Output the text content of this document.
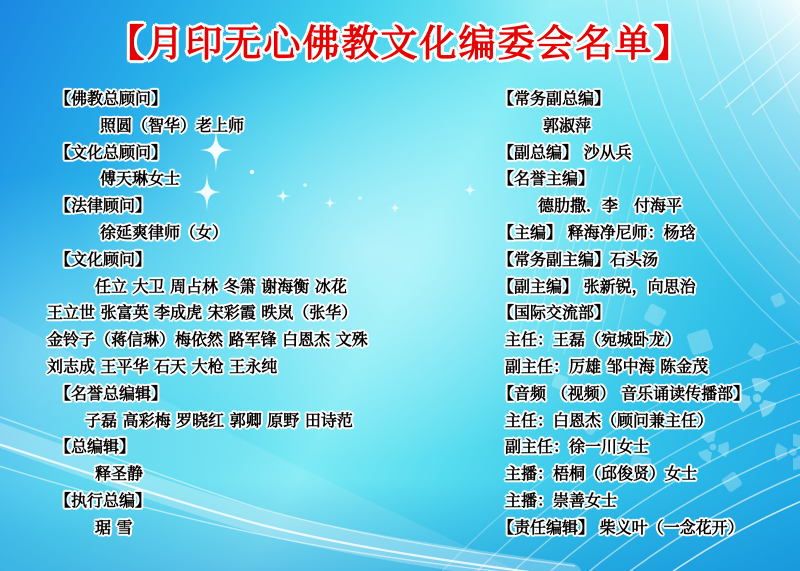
【月印无心佛教文化编委会名单】
【佛教总顾问】
照圆（智华）老上师
【文化总顾问】
傅天琳女士
【法律顾问】
徐延爽律师（女）
【文化顾问】
任立 大卫 周占林 冬箫 谢海衡 冰花
王立世 张富英 李成虎 宋彩霞 昳岚（张华）
金铃子（蒋信琳）梅依然 路军锋 白恩杰 文殊
刘志成 王平华 石天 大枪 王永纯
【名誉总编辑】
子磊 高彩梅 罗晓红 郭卿 原野 田诗范
【总编辑】
释圣静
【执行总编】
琚 雪
【常务副总编】
郭淑萍
【副总编】 沙从兵
【名誉主编】
德肋撒．李　付海平
【主编】 释海净尼师：杨琀
【常务副主编】石头汤
【副主编】 张新锐，向思治
【国际交流部】
主任：王磊（宛城卧龙）
副主任：厉雄 邹中海 陈金茂
【音频 （视频） 音乐诵读传播部】
主任：白恩杰（顾问兼主任）
副主任：徐一川女士
主播：梧桐（邱俊贤）女士
主播：崇善女士
【责任编辑】 柴义叶（一念花开）
